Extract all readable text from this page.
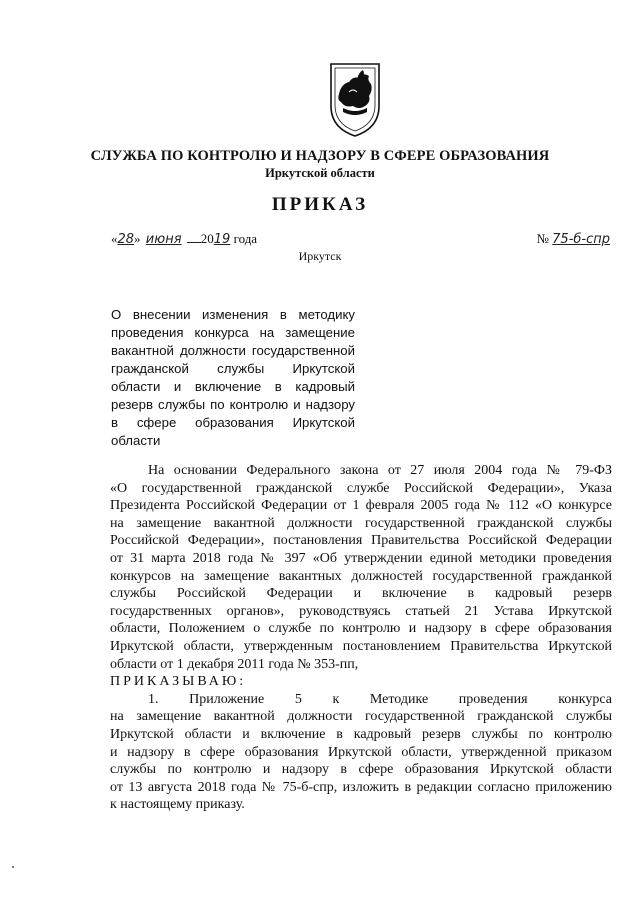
СЛУЖБА ПО КОНТРОЛЮ И НАДЗОРУ В СФЕРЕ ОБРАЗОВАНИЯ
Иркутской области
ПРИКАЗ
«28» июня 2019 года	№ 75-б-спр
Иркутск
О внесении изменения в методику
проведения конкурса на замещение
вакантной должности государственной
гражданской службы Иркутской
области и включение в кадровый
резерв службы по контролю и надзору
в сфере образования Иркутской
области
На основании Федерального закона от 27 июля 2004 года № 79-ФЗ
«О государственной гражданской службе Российской Федерации», Указа
Президента Российской Федерации от 1 февраля 2005 года № 112 «О конкурсе
на замещение вакантной должности государственной гражданской службы
Российской Федерации», постановления Правительства Российской Федерации
от 31 марта 2018 года № 397 «Об утверждении единой методики проведения
конкурсов на замещение вакантных должностей государственной гражданкой
службы Российской Федерации и включение в кадровый резерв
государственных органов», руководствуясь статьей 21 Устава Иркутской
области, Положением о службе по контролю и надзору в сфере образования
Иркутской области, утвержденным постановлением Правительства Иркутской
области от 1 декабря 2011 года № 353-пп,
ПРИКАЗЫВАЮ:
1. Приложение 5 к Методике проведения конкурса
на замещение вакантной должности государственной гражданской службы
Иркутской области и включение в кадровый резерв службы по контролю
и надзору в сфере образования Иркутской области, утвержденной приказом
службы по контролю и надзору в сфере образования Иркутской области
от 13 августа 2018 года № 75-б-спр, изложить в редакции согласно приложению
к настоящему приказу.
